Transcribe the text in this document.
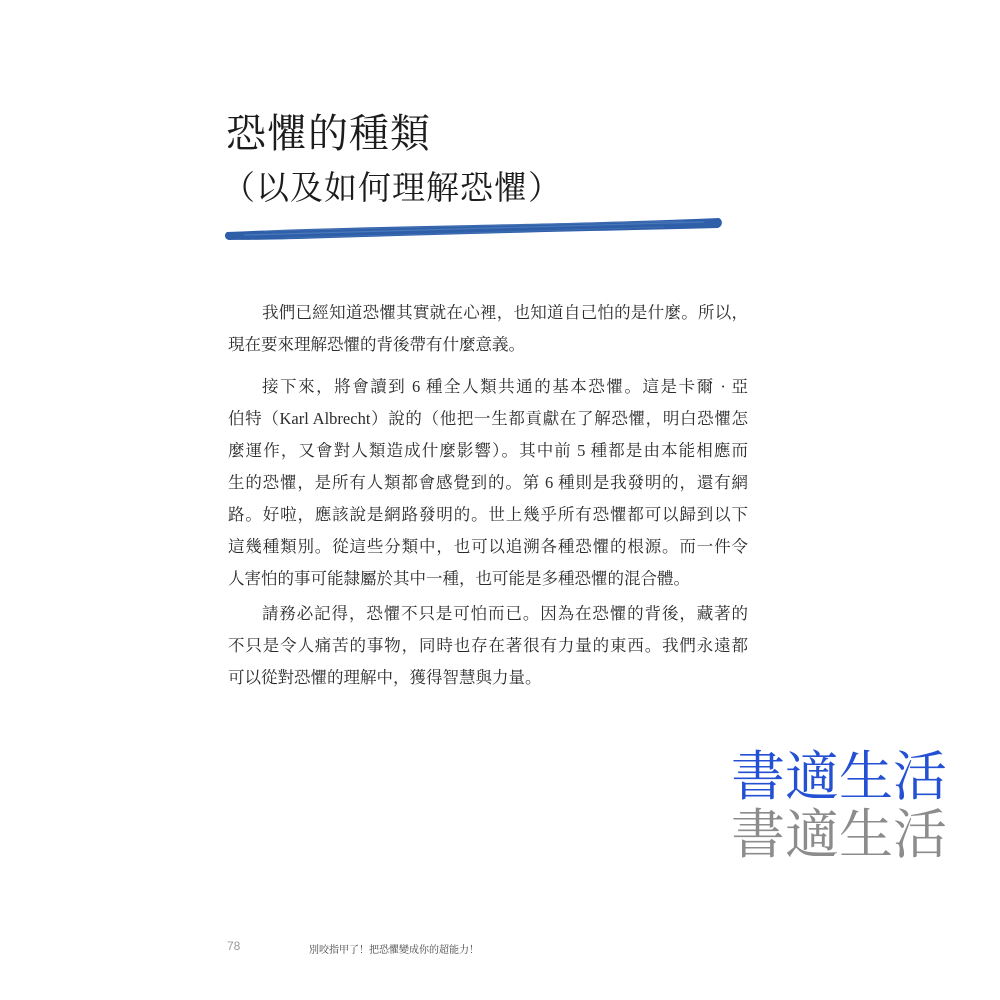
恐懼的種類
（以及如何理解恐懼）
我們已經知道恐懼其實就在心裡，也知道自己怕的是什麼。所以，
現在要來理解恐懼的背後帶有什麼意義。
接下來，將會讀到 6 種全人類共通的基本恐懼。這是卡爾 · 亞
伯特（Karl Albrecht）說的（他把一生都貢獻在了解恐懼，明白恐懼怎
麼運作，又會對人類造成什麼影響）。其中前 5 種都是由本能相應而
生的恐懼，是所有人類都會感覺到的。第 6 種則是我發明的，還有網
路。好啦，應該說是網路發明的。世上幾乎所有恐懼都可以歸到以下
這幾種類別。從這些分類中，也可以追溯各種恐懼的根源。而一件令
人害怕的事可能隸屬於其中一種，也可能是多種恐懼的混合體。
請務必記得，恐懼不只是可怕而已。因為在恐懼的背後，藏著的
不只是令人痛苦的事物，同時也存在著很有力量的東西。我們永遠都
可以從對恐懼的理解中，獲得智慧與力量。
書適生活
書適生活
78	別咬指甲了！把恐懼變成你的超能力！
